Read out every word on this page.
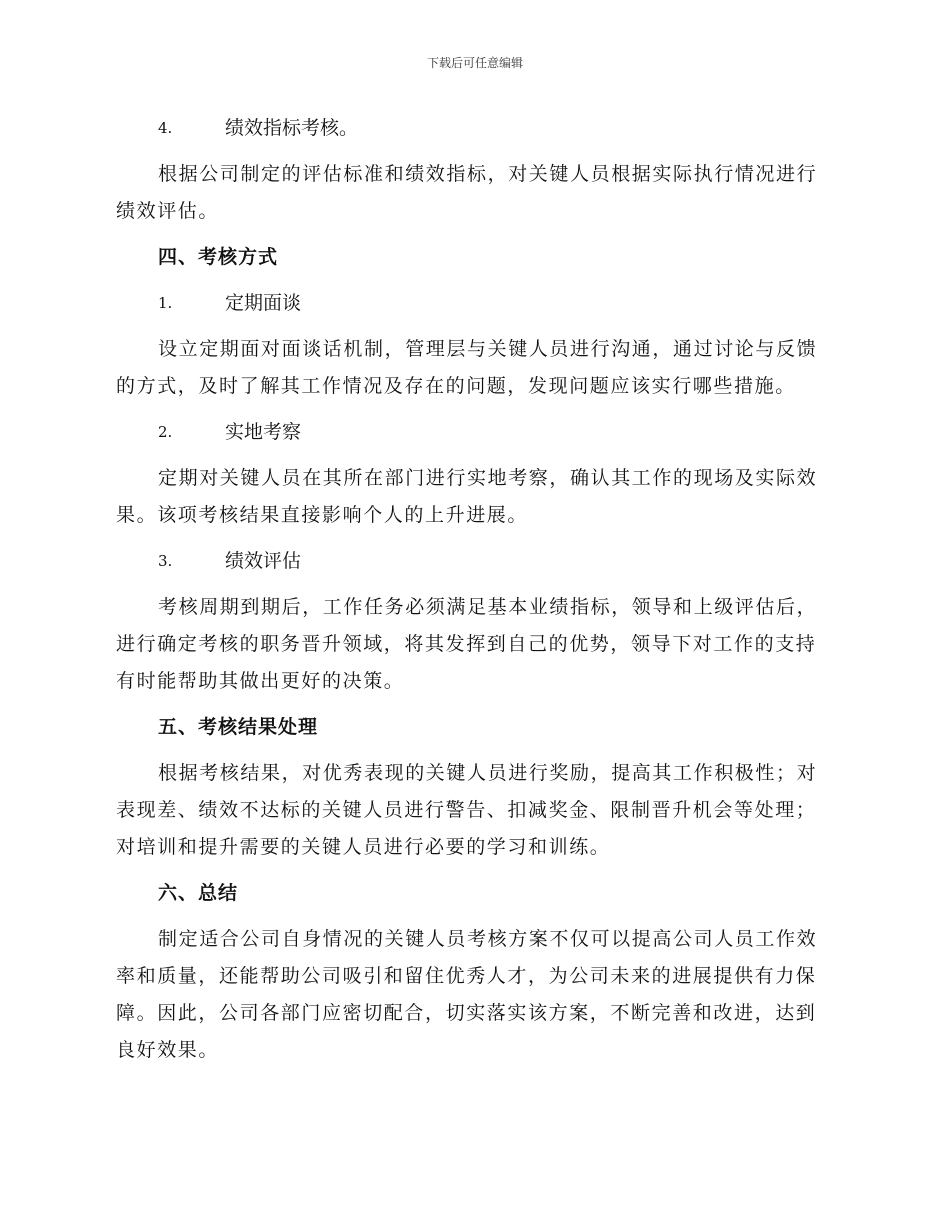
下载后可任意编辑
4.	绩效指标考核。

根据公司制定的评估标准和绩效指标，对关键人员根据实际执行情况进行绩效评估。

四、考核方式
1.	定期面谈

设立定期面对面谈话机制，管理层与关键人员进行沟通，通过讨论与反馈的方式，及时了解其工作情况及存在的问题，发现问题应该实行哪些措施。

2.	实地考察

定期对关键人员在其所在部门进行实地考察，确认其工作的现场及实际效果。该项考核结果直接影响个人的上升进展。

3.	绩效评估

考核周期到期后，工作任务必须满足基本业绩指标，领导和上级评估后，进行确定考核的职务晋升领域，将其发挥到自己的优势，领导下对工作的支持有时能帮助其做出更好的决策。

五、考核结果处理

根据考核结果，对优秀表现的关键人员进行奖励，提高其工作积极性；对表现差、绩效不达标的关键人员进行警告、扣减奖金、限制晋升机会等处理；对培训和提升需要的关键人员进行必要的学习和训练。

六、总结

制定适合公司自身情况的关键人员考核方案不仅可以提高公司人员工作效率和质量，还能帮助公司吸引和留住优秀人才，为公司未来的进展提供有力保障。因此，公司各部门应密切配合，切实落实该方案，不断完善和改进，达到良好效果。
